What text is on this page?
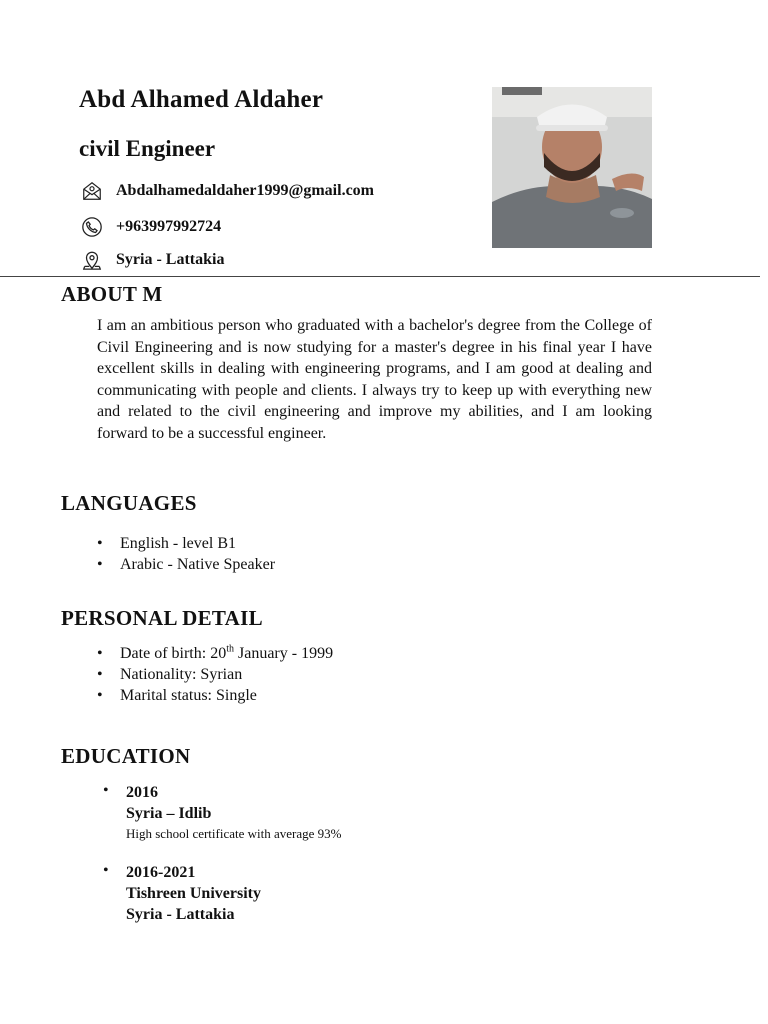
Abd Alhamed Aldaher
civil Engineer
Abdalhamedaldaher1999@gmail.com
+963997992724
Syria - Lattakia
ABOUT M

I am an ambitious person who graduated with a bachelor's degree from the College of Civil Engineering and is now studying for a master's degree in his final year I have excellent skills in dealing with engineering programs, and I am good at dealing and communicating with people and clients. I always try to keep up with everything new and related to the civil engineering and improve my abilities, and I am looking forward to be a successful engineer.

LANGUAGES
• English - level B1
• Arabic - Native Speaker
PERSONAL DETAIL
• Date of birth: 20th January - 1999
• Nationality: Syrian
• Marital status: Single
EDUCATION
• 2016
Syria – Idlib
High school certificate with average 93%
• 2016-2021
Tishreen University
Syria - Lattakia
